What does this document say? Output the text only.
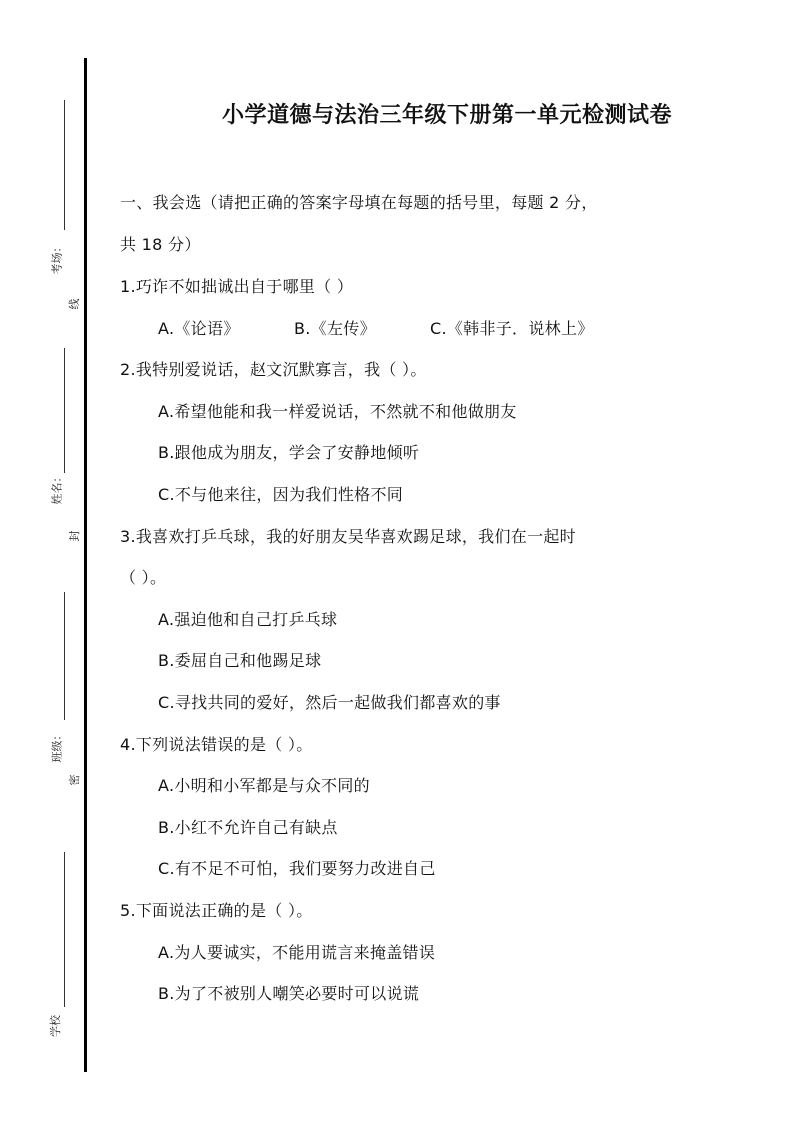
考场：
线
姓名：
封
班级：
密
学校
小学道德与法治三年级下册第一单元检测试卷
一、我会选（请把正确的答案字母填在每题的括号里，每题 2 分，
共 18 分）
1.巧诈不如拙诚出自于哪里（ ）
A.《论语》	B.《左传》	C.《韩非子．说林上》
2.我特别爱说话，赵文沉默寡言，我（ ）。
A.希望他能和我一样爱说话，不然就不和他做朋友
B.跟他成为朋友，学会了安静地倾听
C.不与他来往，因为我们性格不同
3.我喜欢打乒乓球，我的好朋友吴华喜欢踢足球，我们在一起时
（ ）。
A.强迫他和自己打乒乓球
B.委屈自己和他踢足球
C.寻找共同的爱好，然后一起做我们都喜欢的事
4.下列说法错误的是（ ）。
A.小明和小军都是与众不同的
B.小红不允许自己有缺点
C.有不足不可怕，我们要努力改进自己
5.下面说法正确的是（ ）。
A.为人要诚实，不能用谎言来掩盖错误
B.为了不被别人嘲笑必要时可以说谎
